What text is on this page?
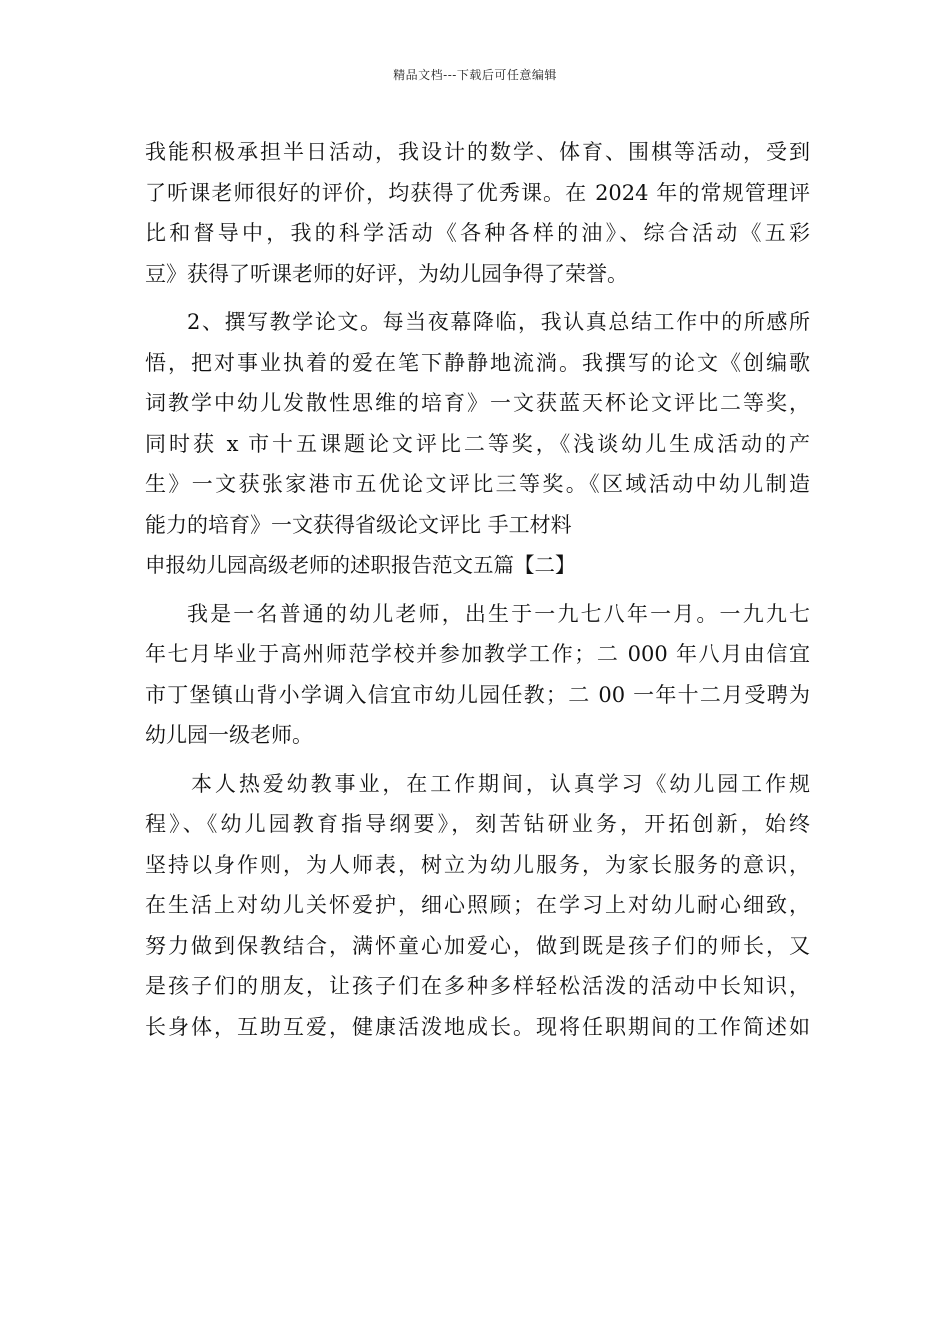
精品文档---下载后可任意编辑
我能积极承担半日活动，我设计的数学、体育、围棋等活动，受到
了听课老师很好的评价，均获得了优秀课。在 2024 年的常规管理评
比和督导中，我的科学活动《各种各样的油》、综合活动《五彩
豆》获得了听课老师的好评，为幼儿园争得了荣誉。
2、撰写教学论文。每当夜幕降临，我认真总结工作中的所感所
悟，把对事业执着的爱在笔下静静地流淌。我撰写的论文《创编歌
词教学中幼儿发散性思维的培育》一文获蓝天杯论文评比二等奖，
同时获 x 市十五课题论文评比二等奖，《浅谈幼儿生成活动的产
生》一文获张家港市五优论文评比三等奖。《区域活动中幼儿制造
能力的培育》一文获得省级论文评比 手工材料
申报幼儿园高级老师的述职报告范文五篇【二】
我是一名普通的幼儿老师，出生于一九七八年一月。一九九七
年七月毕业于高州师范学校并参加教学工作；二 000 年八月由信宜
市丁堡镇山背小学调入信宜市幼儿园任教；二 00 一年十二月受聘为
幼儿园一级老师。
本人热爱幼教事业，在工作期间，认真学习《幼儿园工作规
程》、《幼儿园教育指导纲要》，刻苦钻研业务，开拓创新，始终
坚持以身作则，为人师表，树立为幼儿服务，为家长服务的意识，
在生活上对幼儿关怀爱护，细心照顾；在学习上对幼儿耐心细致，
努力做到保教结合，满怀童心加爱心，做到既是孩子们的师长，又
是孩子们的朋友，让孩子们在多种多样轻松活泼的活动中长知识，
长身体，互助互爱，健康活泼地成长。现将任职期间的工作简述如
